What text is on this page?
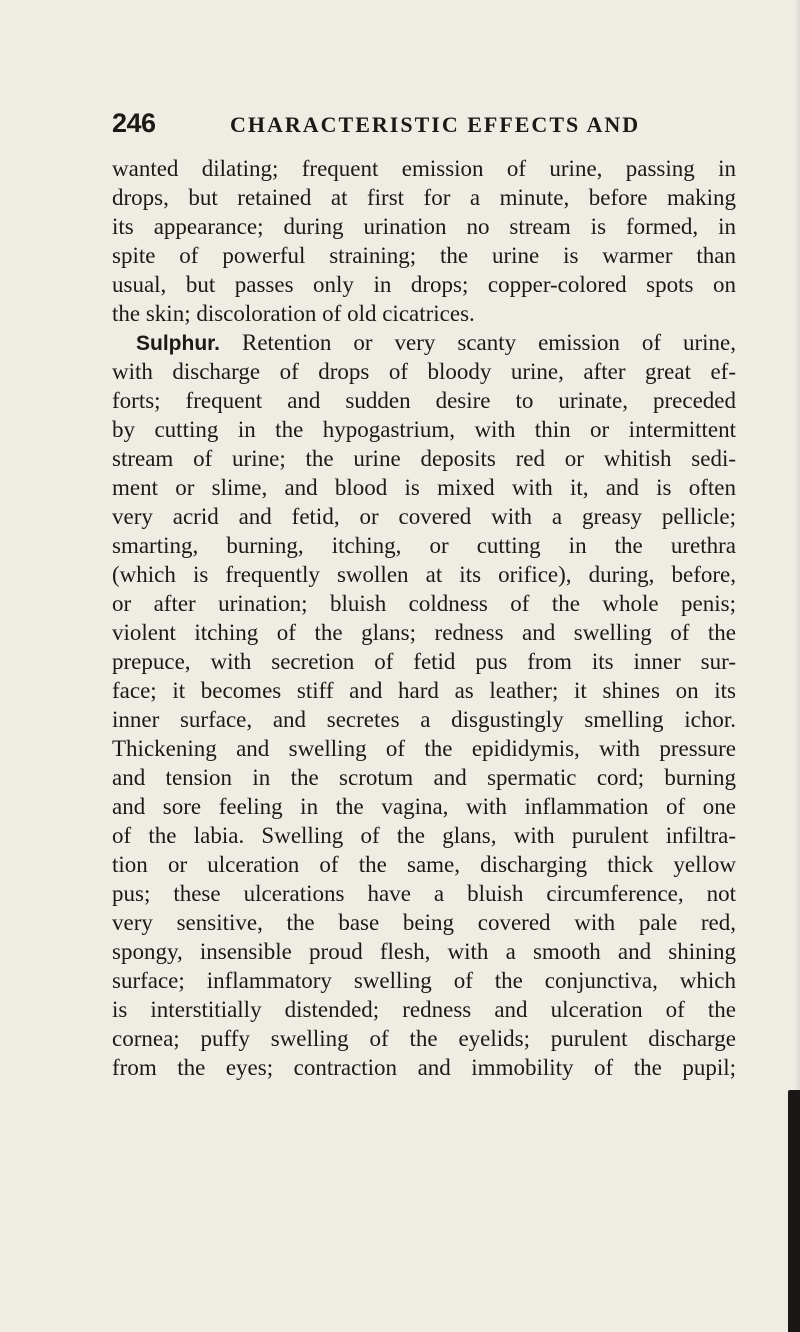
246	CHARACTERISTIC EFFECTS AND
wanted dilating; frequent emission of urine, passing in
drops, but retained at first for a minute, before making
its appearance; during urination no stream is formed, in
spite of powerful straining; the urine is warmer than
usual, but passes only in drops; copper-colored spots on
the skin; discoloration of old cicatrices.
Sulphur. Retention or very scanty emission of urine,
with discharge of drops of bloody urine, after great ef-
forts; frequent and sudden desire to urinate, preceded
by cutting in the hypogastrium, with thin or intermittent
stream of urine; the urine deposits red or whitish sedi-
ment or slime, and blood is mixed with it, and is often
very acrid and fetid, or covered with a greasy pellicle;
smarting, burning, itching, or cutting in the urethra
(which is frequently swollen at its orifice), during, before,
or after urination; bluish coldness of the whole penis;
violent itching of the glans; redness and swelling of the
prepuce, with secretion of fetid pus from its inner sur-
face; it becomes stiff and hard as leather; it shines on its
inner surface, and secretes a disgustingly smelling ichor.
Thickening and swelling of the epididymis, with pressure
and tension in the scrotum and spermatic cord; burning
and sore feeling in the vagina, with inflammation of one
of the labia. Swelling of the glans, with purulent infiltra-
tion or ulceration of the same, discharging thick yellow
pus; these ulcerations have a bluish circumference, not
very sensitive, the base being covered with pale red,
spongy, insensible proud flesh, with a smooth and shining
surface; inflammatory swelling of the conjunctiva, which
is interstitially distended; redness and ulceration of the
cornea; puffy swelling of the eyelids; purulent discharge
from the eyes; contraction and immobility of the pupil;
